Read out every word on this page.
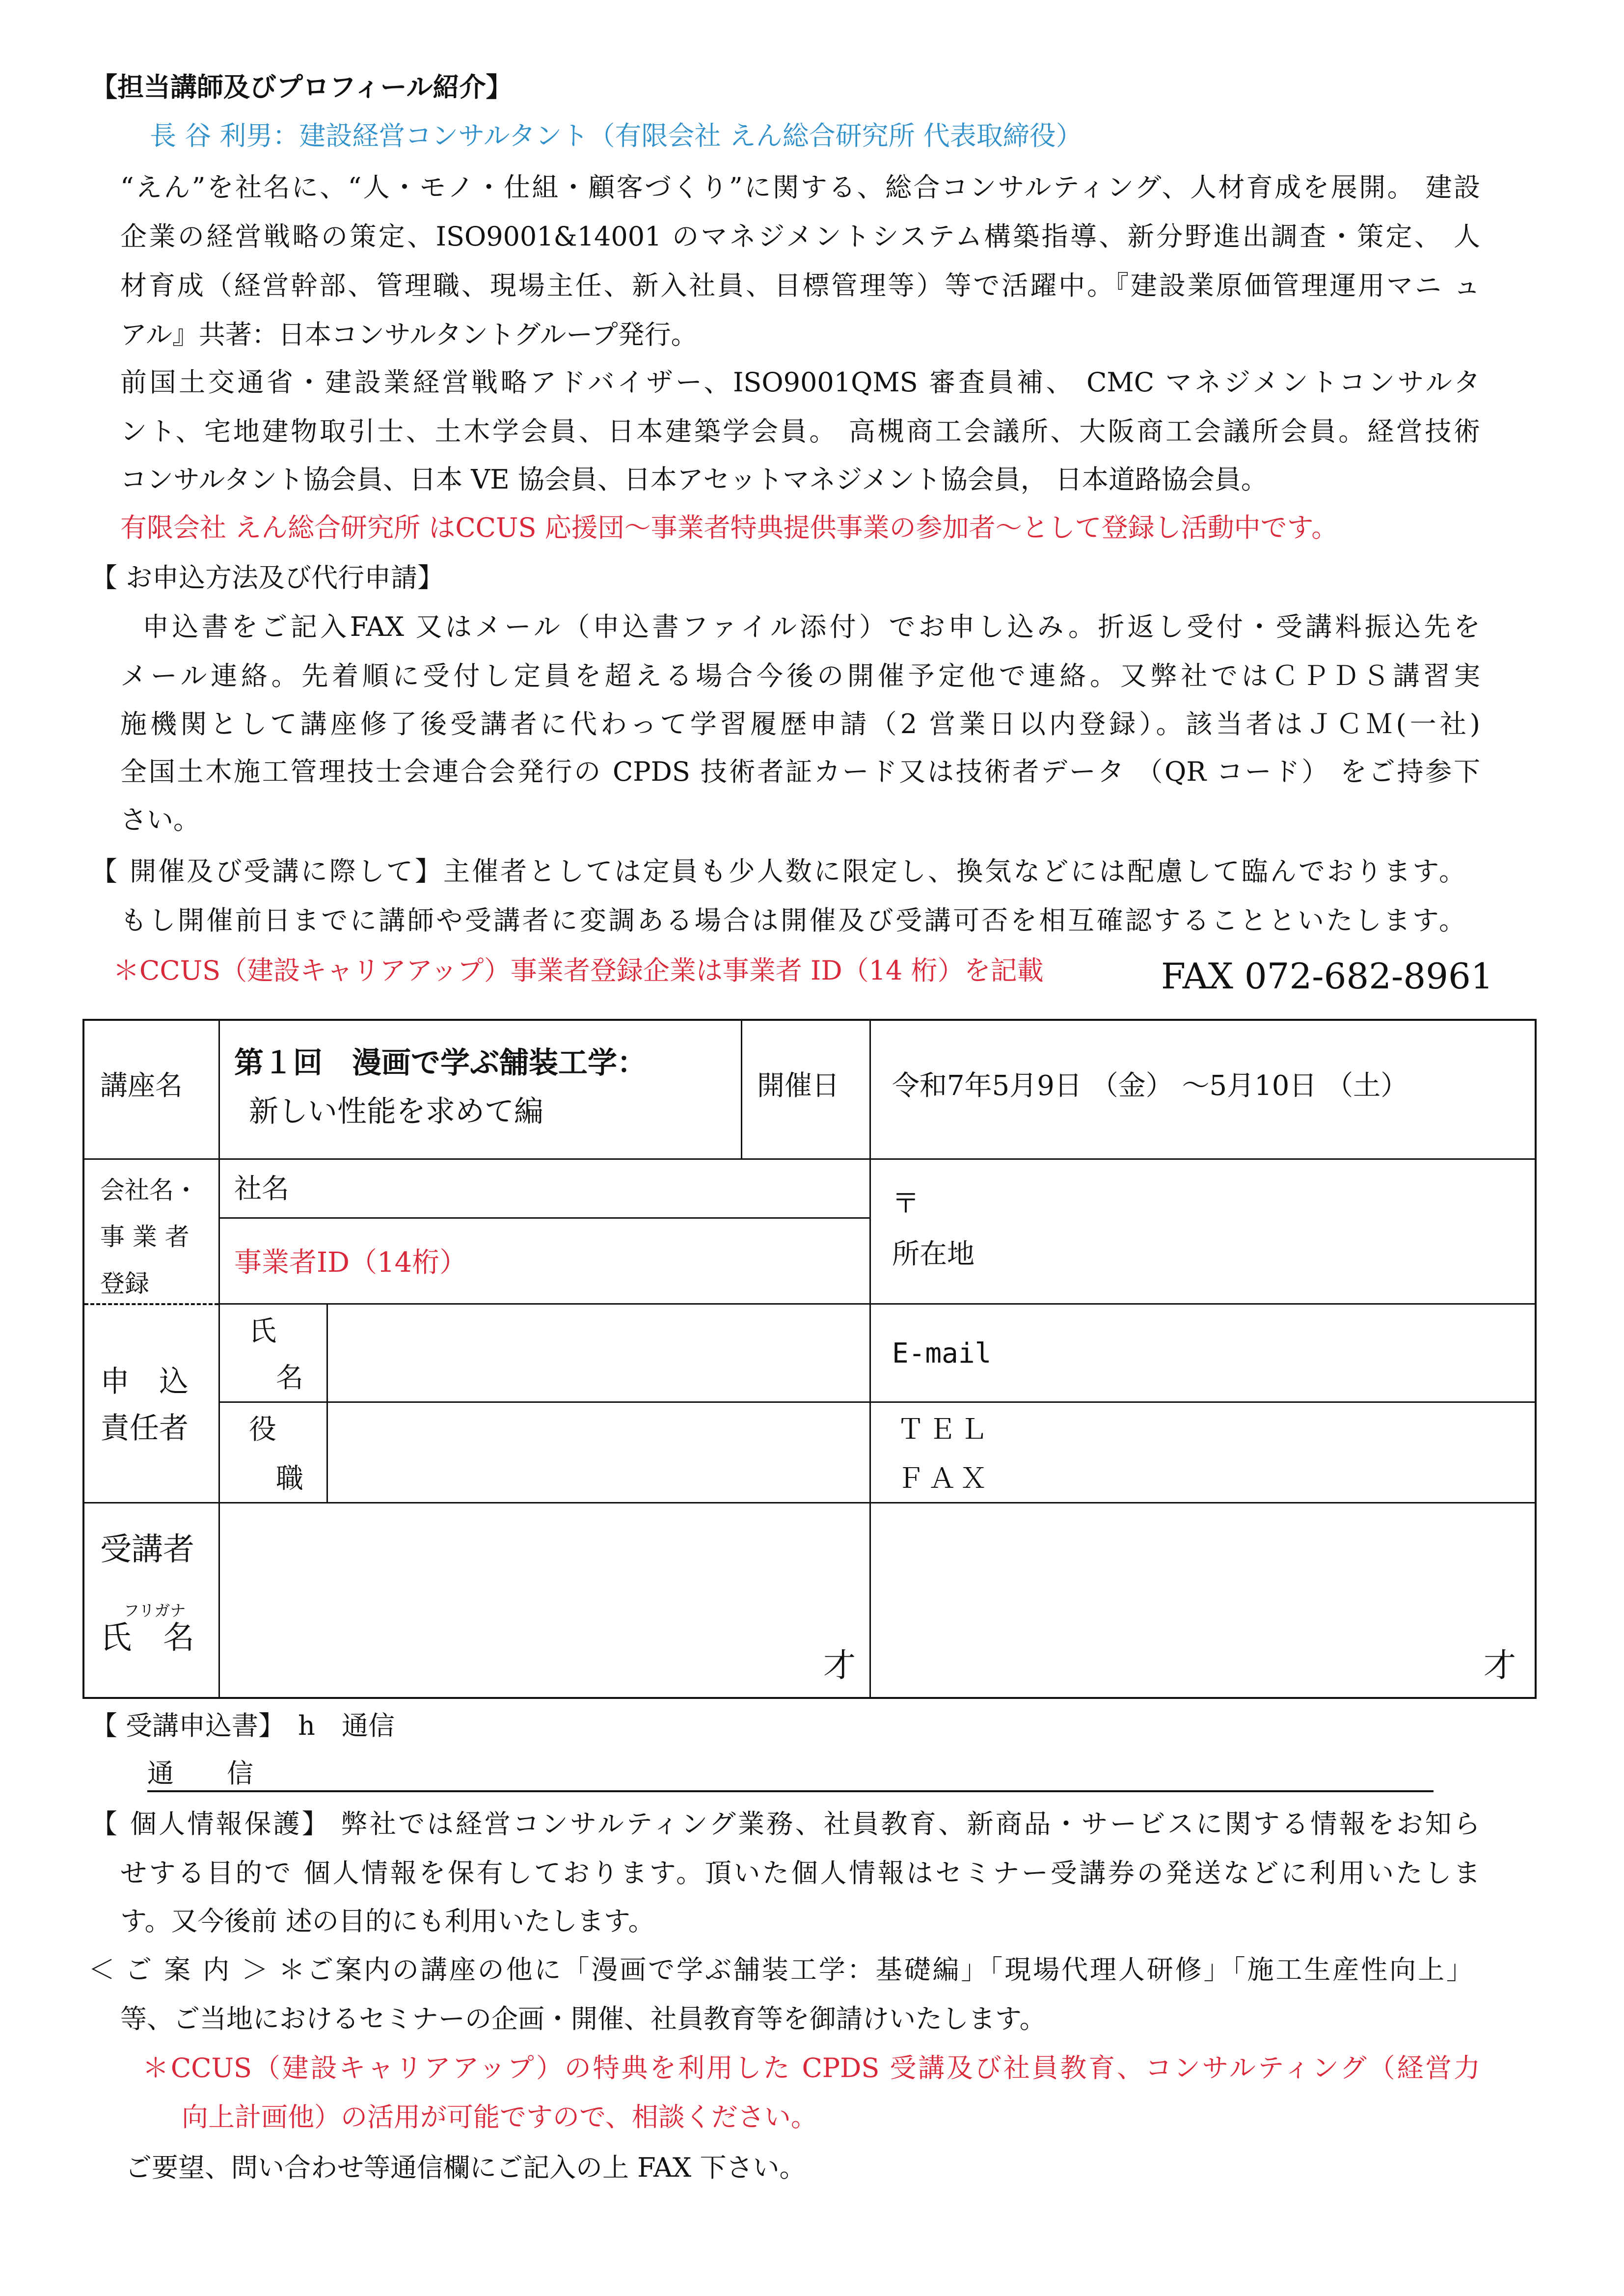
【担当講師及びプロフィール紹介】
長 谷 利男：建設経営コンサルタント（有限会社 えん総合研究所 代表取締役）
“えん”を社名に、“人・モノ・仕組・顧客づくり”に関する、総合コンサルティング、人材育成を展開。 建設
企業の経営戦略の策定、ISO9001&14001 のマネジメントシステム構築指導、新分野進出調査・策定、 人
材育成（経営幹部、管理職、現場主任、新入社員、目標管理等）等で活躍中。『建設業原価管理運用マニ ュ
アル』共著：日本コンサルタントグループ発行。
前国土交通省・建設業経営戦略アドバイザー、ISO9001QMS 審査員補、 CMC マネジメントコンサルタ
ント、宅地建物取引士、土木学会員、日本建築学会員。 高槻商工会議所、大阪商工会議所会員。経営技術
コンサルタント協会員、日本 VE 協会員、日本アセットマネジメント協会員， 日本道路協会員。
有限会社 えん総合研究所 はCCUS 応援団〜事業者特典提供事業の参加者〜として登録し活動中です。
【 お申込方法及び代行申請】
申込書をご記入FAX 又はメール（申込書ファイル添付）でお申し込み。折返し受付・受講料振込先を
メール連絡。先着順に受付し定員を超える場合今後の開催予定他で連絡。又弊社ではＣＰＤＳ講習実
施機関として講座修了後受講者に代わって学習履歴申請（2 営業日以内登録）。該当者はＪＣＭ(一社)
全国土木施工管理技士会連合会発行の CPDS 技術者証カード又は技術者データ （QR コード） をご持参下
さい。
【 開催及び受講に際して】主催者としては定員も少人数に限定し、換気などには配慮して臨んでおります。
もし開催前日までに講師や受講者に変調ある場合は開催及び受講可否を相互確認することといたします。
＊CCUS（建設キャリアアップ）事業者登録企業は事業者 ID（14 桁）を記載	FAX 072-682-8961
講座名
第１回　漫画で学ぶ舗装工学：
新しい性能を求めて編
開催日 令和7年5月9日 （金） 〜5月10日 （土）
会社名・
事 業 者
登録
社名
事業者ID（14桁）
〒
所在地
申　込
責任者
氏
名
E-mail
役
職
ＴＥＬ
ＦＡＸ
受講者
フリガナ
氏　名
才	才
【 受講申込書】　h　通信
通　　信
【 個人情報保護】 弊社では経営コンサルティング業務、社員教育、新商品・サービスに関する情報をお知ら
せする目的で 個人情報を保有しております。頂いた個人情報はセミナー受講券の発送などに利用いたしま
す。又今後前 述の目的にも利用いたします。
＜ ご 案 内 ＞ ＊ご案内の講座の他に「漫画で学ぶ舗装工学：基礎編」「現場代理人研修」「施工生産性向上」
等、ご当地におけるセミナーの企画・開催、社員教育等を御請けいたします。
＊CCUS（建設キャリアアップ）の特典を利用した CPDS 受講及び社員教育、コンサルティング（経営力
向上計画他）の活用が可能ですので、相談ください。
ご要望、問い合わせ等通信欄にご記入の上 FAX 下さい。
